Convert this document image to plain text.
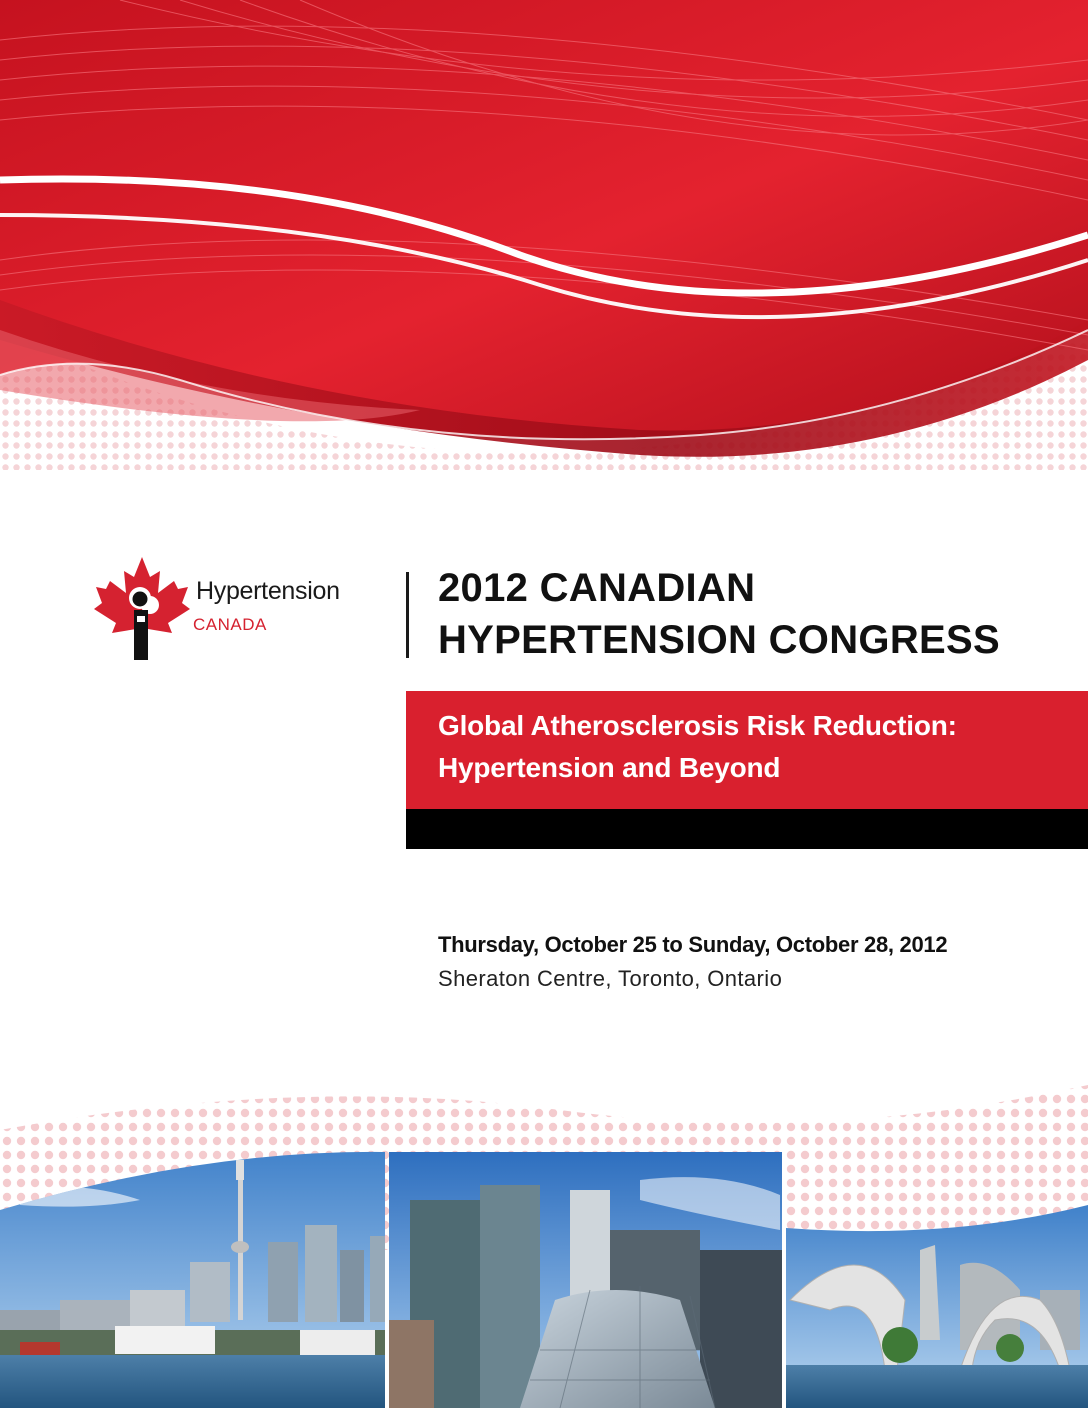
Hypertension
CANADA
2012 CANADIAN
HYPERTENSION CONGRESS
Global Atherosclerosis Risk Reduction:
Hypertension and Beyond
Thursday, October 25 to Sunday, October 28, 2012
Sheraton Centre, Toronto, Ontario
